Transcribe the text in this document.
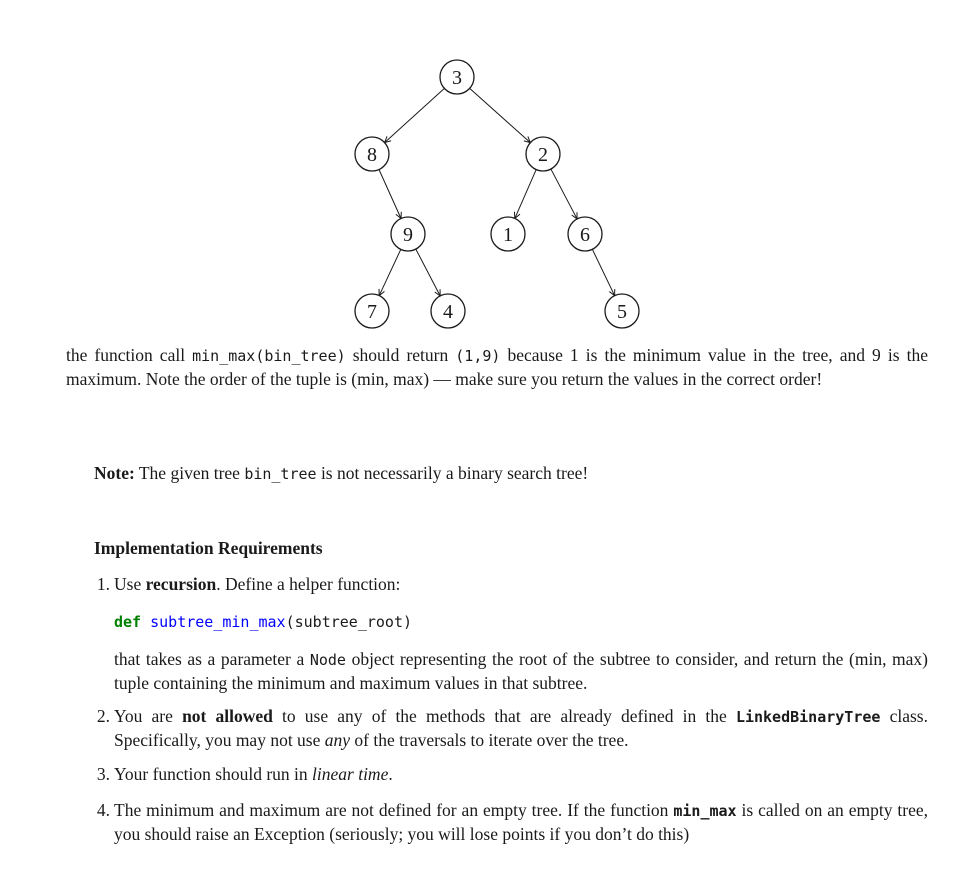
3
8	2
9	1	6
7	4	5
the function call min_max(bin_tree) should return (1,9) because 1 is the minimum value in the tree, and 9 is the maximum. Note the order of the tuple is (min, max) — make sure you return the values in the correct order!
Note: The given tree bin_tree is not necessarily a binary search tree!
Implementation Requirements
1. Use recursion. Define a helper function:
def subtree_min_max(subtree_root)
that takes as a parameter a Node object representing the root of the subtree to consider, and return the (min, max) tuple containing the minimum and maximum values in that subtree.
2. You are not allowed to use any of the methods that are already defined in the LinkedBinaryTree class. Specifically, you may not use any of the traversals to iterate over the tree.
3. Your function should run in linear time.
4. The minimum and maximum are not defined for an empty tree. If the function min_max is called on an empty tree, you should raise an Exception (seriously; you will lose points if you don’t do this)
